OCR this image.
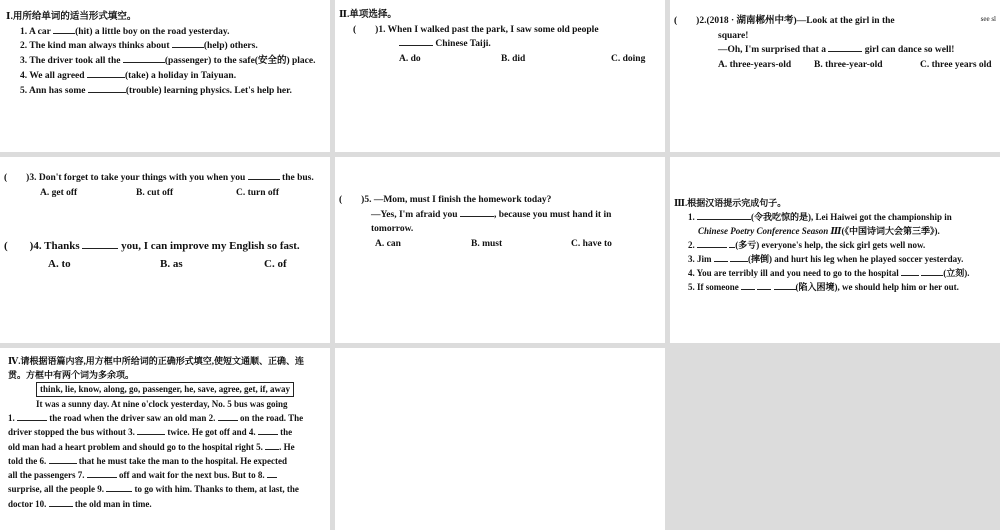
Ⅰ.用所给单词的适当形式填空。
1. A car (hit) a little boy on the road yesterday.
2. The kind man always thinks about	(help) others.
3. The driver took all the	(passenger) to the safe(安全的) place.
4. We all agreed	(take) a holiday in Taiyuan.
5. Ann has some	(trouble) learning physics. Let's help her.
Ⅱ.单项选择。
(　　)1. When I walked past the park, I saw some old people
Chinese Taiji.
A. do	B. did	C. doing
see sl
(　　)2.(2018 · 湖南郴州中考)—Look at the girl in the
square!
—Oh, I'm surprised that a	girl can dance so well!
A. three-years-old	B. three-year-old	C. three years old
(　　)3. Don't forget to take your things with you when you	the bus.
A. get off	B. cut off	C. turn off
(　　)4. Thanks	you, I can improve my English so fast.
A. to	B. as	C. of
(　　)5. —Mom, must I finish the homework today?
—Yes, I'm afraid you	, because you must hand it in
tomorrow.
A. can	B. must	C. have to
Ⅲ.根据汉语提示完成句子。
1.	(令我吃惊的是), Lei Haiwei got the championship in
Chinese Poetry Conference Season Ⅲ(《中国诗词大会第三季》).
2.	(多亏) everyone's help, the sick girl gets well now.
3. Jim	(摔倒) and hurt his leg when he played soccer yesterday.
4. You are terribly ill and you need to go to the hospital	(立刻).
5. If someone	(陷入困境), we should help him or her out.
Ⅳ.请根据语篇内容,用方框中所给词的正确形式填空,使短文通顺、正确、连
贯。方框中有两个词为多余项。
think, lie, know, along, go, passenger, he, save, agree, get, if, away
It was a sunny day. At nine o'clock yesterday, No. 5 bus was going
1.	the road when the driver saw an old man 2.  on the road. The
driver stopped the bus without 3.	twice. He got off and 4.  the
old man had a heart problem and should go to the hospital right 5. . He
told the 6.	that he must take the man to the hospital. He expected
all the passengers 7.	off and wait for the next bus. But to 8.
surprise, all the people 9.	to go with him. Thanks to them, at last, the
doctor 10.	the old man in time.
